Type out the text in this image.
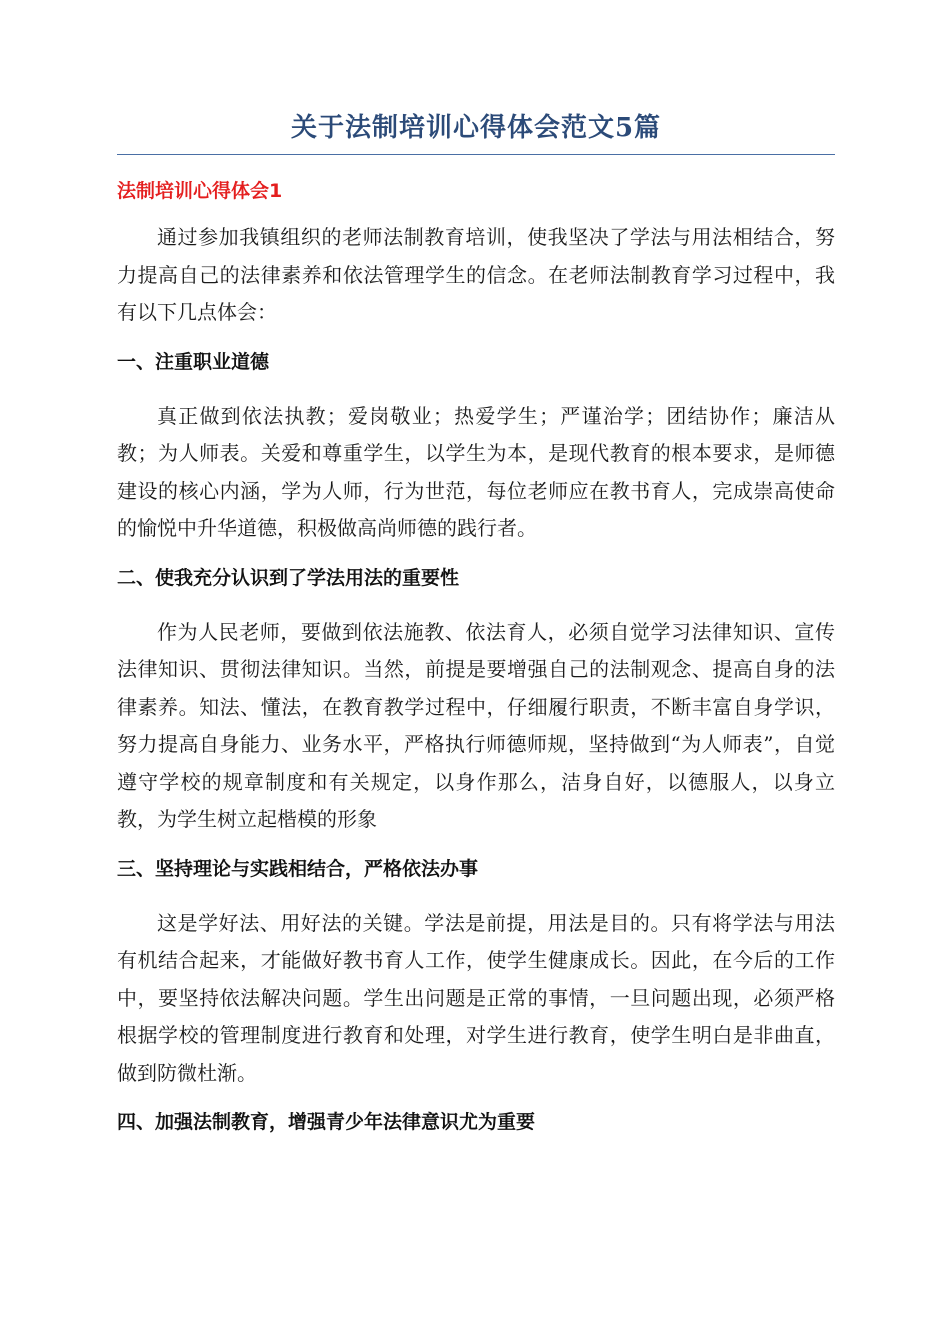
关于法制培训心得体会范文5篇
法制培训心得体会1

通过参加我镇组织的老师法制教育培训，使我坚决了学法与用法相结合，努力提高自己的法律素养和依法管理学生的信念。在老师法制教育学习过程中，我有以下几点体会：

一、注重职业道德

真正做到依法执教；爱岗敬业；热爱学生；严谨治学；团结协作；廉洁从教；为人师表。关爱和尊重学生，以学生为本，是现代教育的根本要求，是师德建设的核心内涵，学为人师，行为世范，每位老师应在教书育人，完成崇高使命的愉悦中升华道德，积极做高尚师德的践行者。

二、使我充分认识到了学法用法的重要性

作为人民老师，要做到依法施教、依法育人，必须自觉学习法律知识、宣传法律知识、贯彻法律知识。当然，前提是要增强自己的法制观念、提高自身的法律素养。知法、懂法，在教育教学过程中，仔细履行职责，不断丰富自身学识，努力提高自身能力、业务水平，严格执行师德师规，坚持做到“为人师表”，自觉遵守学校的规章制度和有关规定，以身作那么，洁身自好，以德服人，以身立教，为学生树立起楷模的形象

三、坚持理论与实践相结合，严格依法办事

这是学好法、用好法的关键。学法是前提，用法是目的。只有将学法与用法有机结合起来，才能做好教书育人工作，使学生健康成长。因此，在今后的工作中，要坚持依法解决问题。学生出问题是正常的事情，一旦问题出现，必须严格根据学校的管理制度进行教育和处理，对学生进行教育，使学生明白是非曲直，做到防微杜渐。

四、加强法制教育，增强青少年法律意识尤为重要
